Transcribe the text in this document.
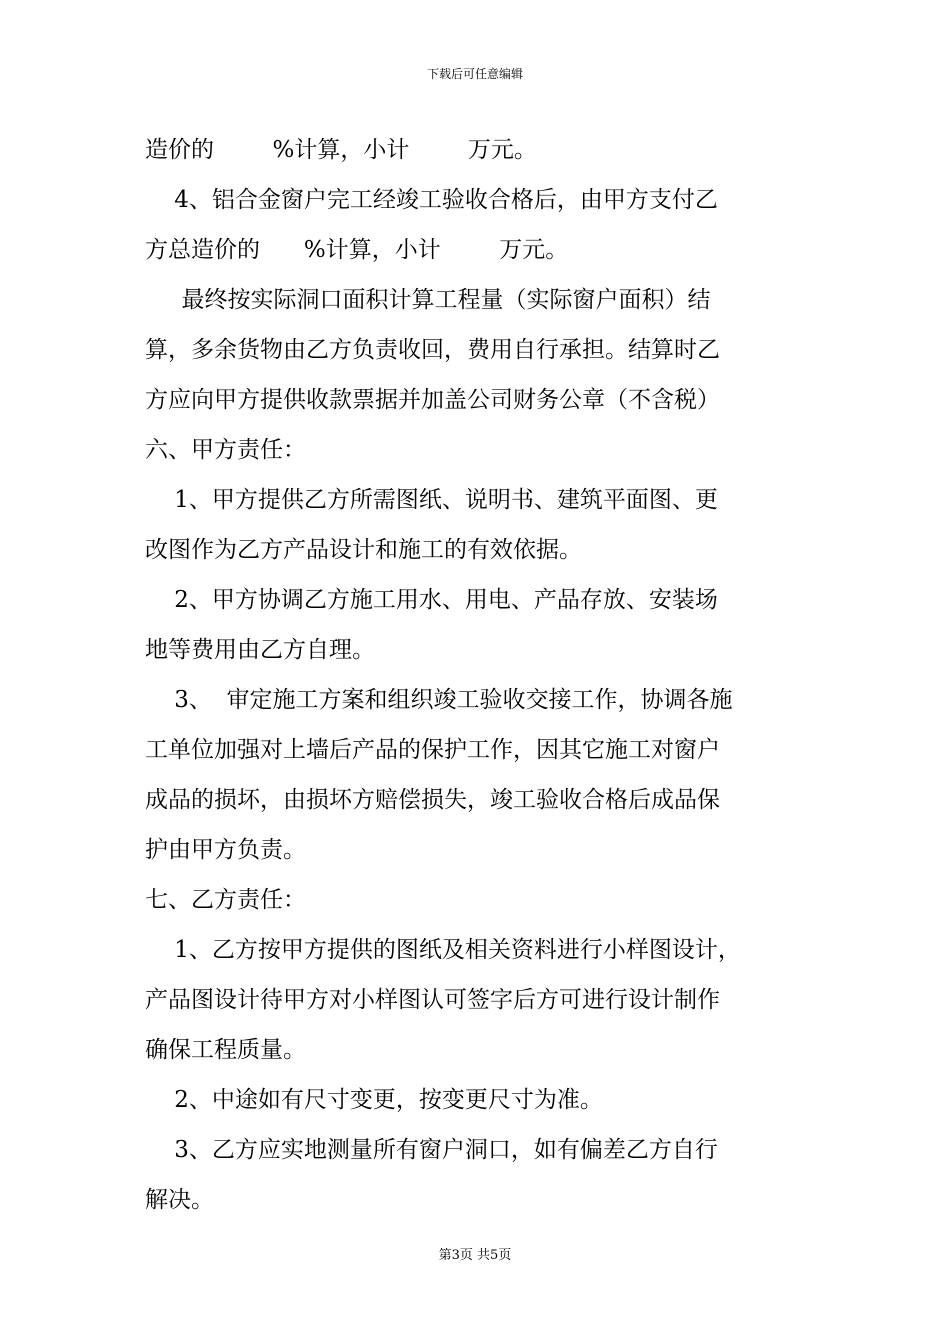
下载后可任意编辑
造价的        %计算，小计        万元。
4、铝合金窗户完工经竣工验收合格后，由甲方支付乙
方总造价的      %计算，小计        万元。
最终按实际洞口面积计算工程量（实际窗户面积）结
算，多余货物由乙方负责收回，费用自行承担。结算时乙
方应向甲方提供收款票据并加盖公司财务公章（不含税）
六、甲方责任：
1、甲方提供乙方所需图纸、说明书、建筑平面图、更
改图作为乙方产品设计和施工的有效依据。
2、甲方协调乙方施工用水、用电、产品存放、安装场
地等费用由乙方自理。
3、  审定施工方案和组织竣工验收交接工作，协调各施
工单位加强对上墙后产品的保护工作，因其它施工对窗户
成品的损坏，由损坏方赔偿损失，竣工验收合格后成品保
护由甲方负责。
七、乙方责任：
1、乙方按甲方提供的图纸及相关资料进行小样图设计，
产品图设计待甲方对小样图认可签字后方可进行设计制作
确保工程质量。
2、中途如有尺寸变更，按变更尺寸为准。
3、乙方应实地测量所有窗户洞口，如有偏差乙方自行
解决。
第3页 共5页
